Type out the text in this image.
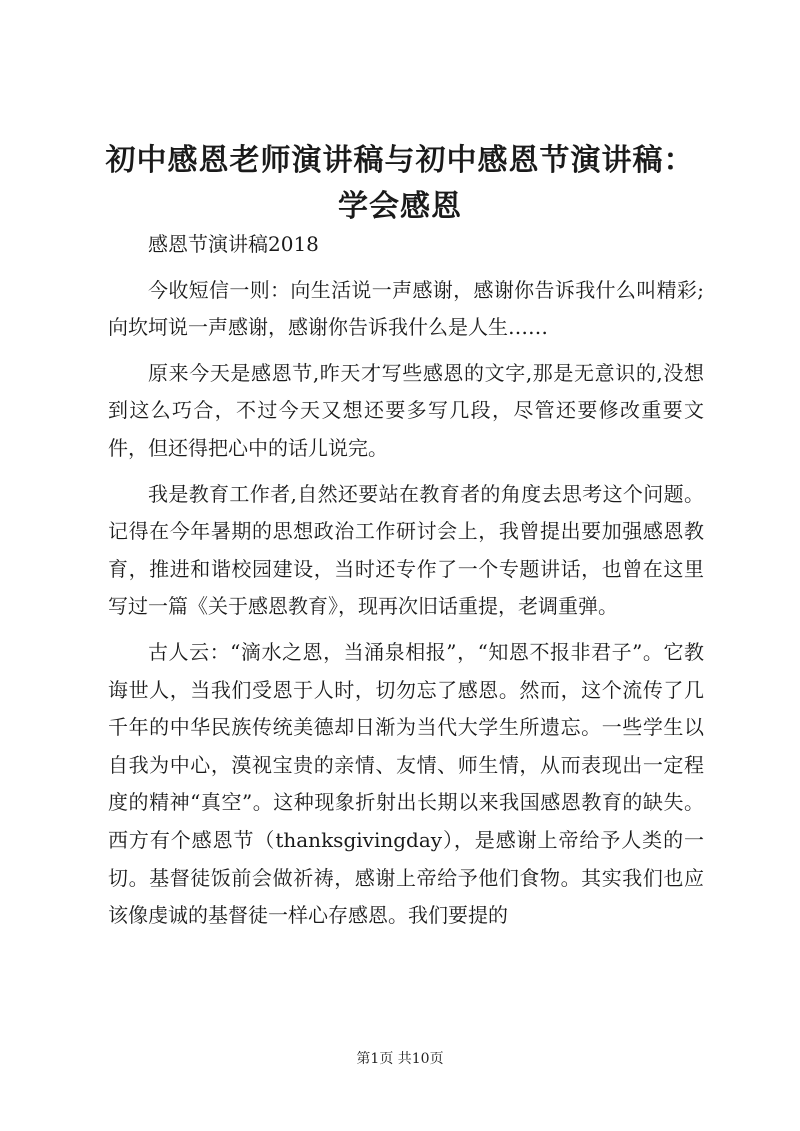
初中感恩老师演讲稿与初中感恩节演讲稿：学会感恩

感恩节演讲稿2018

今收短信一则：向生活说一声感谢，感谢你告诉我什么叫精彩;向坎坷说一声感谢，感谢你告诉我什么是人生……

原来今天是感恩节,昨天才写些感恩的文字,那是无意识的,没想到这么巧合，不过今天又想还要多写几段，尽管还要修改重要文件，但还得把心中的话儿说完。

我是教育工作者,自然还要站在教育者的角度去思考这个问题。记得在今年暑期的思想政治工作研讨会上，我曾提出要加强感恩教育，推进和谐校园建设，当时还专作了一个专题讲话，也曾在这里写过一篇《关于感恩教育》，现再次旧话重提，老调重弹。

古人云：“滴水之恩，当涌泉相报”，“知恩不报非君子”。它教诲世人，当我们受恩于人时，切勿忘了感恩。然而，这个流传了几千年的中华民族传统美德却日渐为当代大学生所遗忘。一些学生以自我为中心，漠视宝贵的亲情、友情、师生情，从而表现出一定程度的精神“真空”。这种现象折射出长期以来我国感恩教育的缺失。西方有个感恩节（thanksgivingday），是感谢上帝给予人类的一切。基督徒饭前会做祈祷，感谢上帝给予他们食物。其实我们也应该像虔诚的基督徒一样心存感恩。我们要提的

第1页 共10页
